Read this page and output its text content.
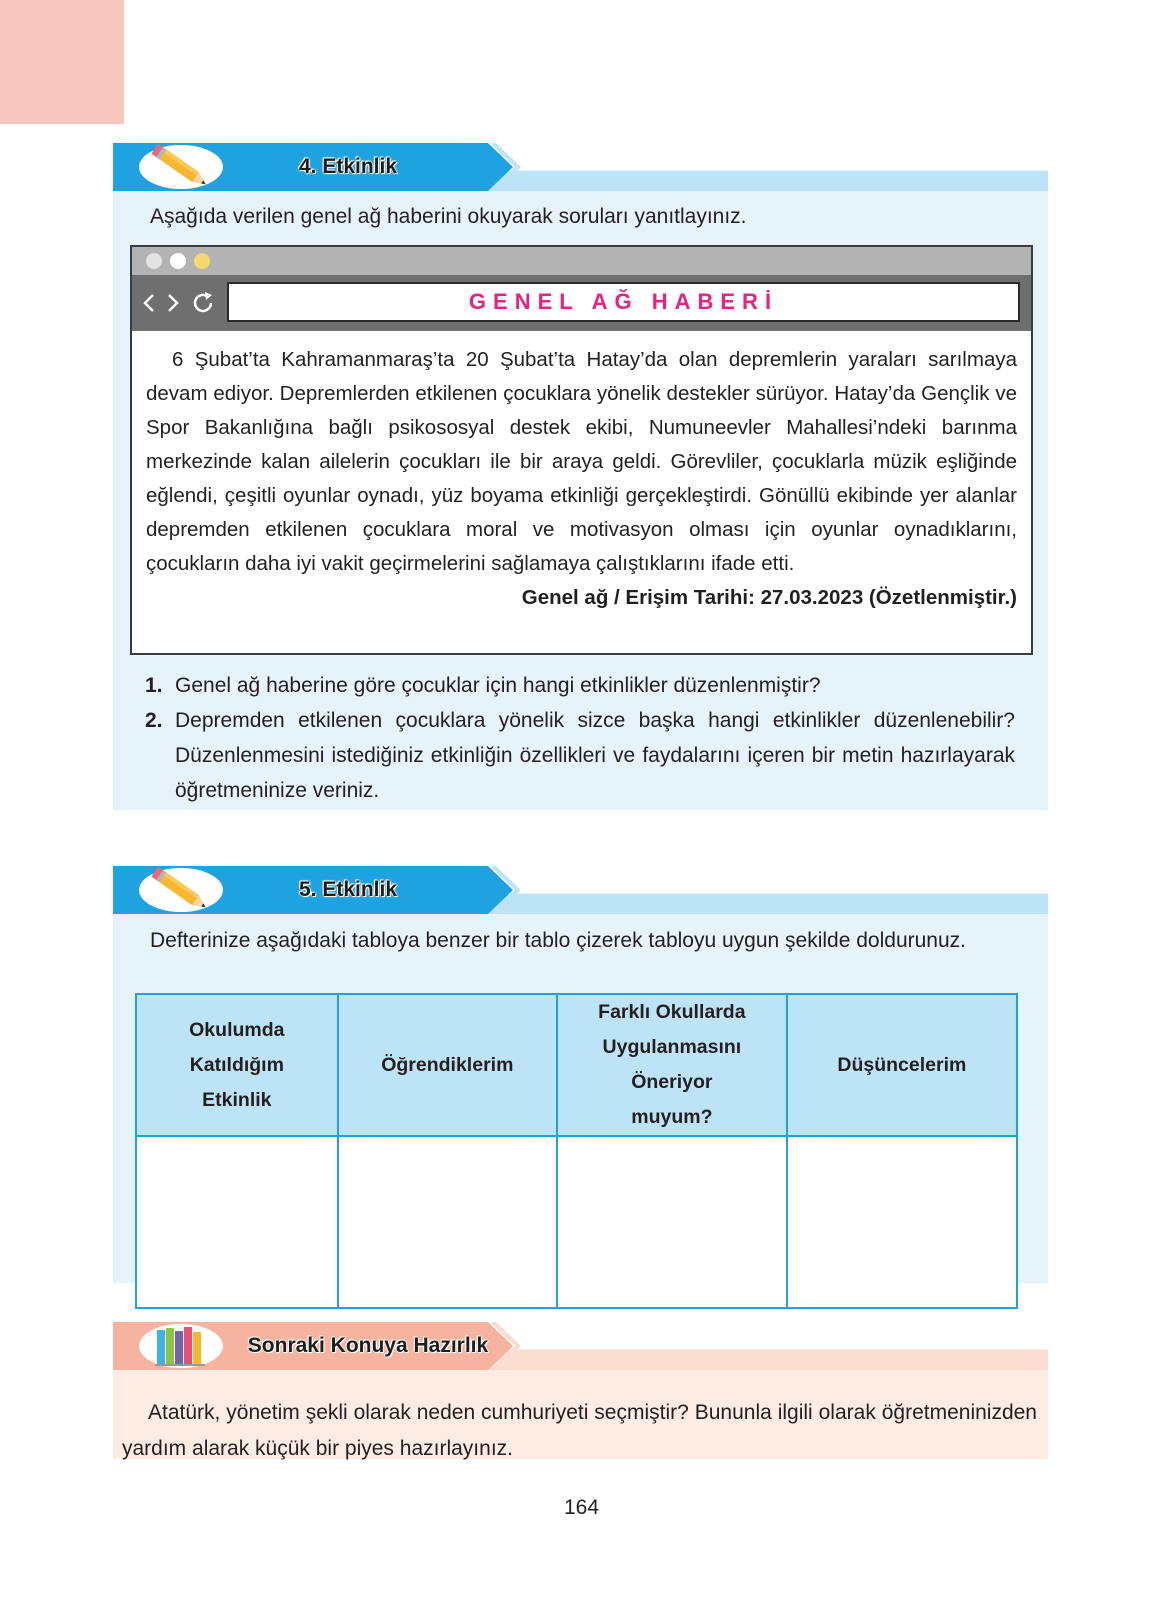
4. Etkinlik
Aşağıda verilen genel ağ haberini okuyarak soruları yanıtlayınız.
GENEL AĞ HABERİ

6 Şubat’ta Kahramanmaraş’ta 20 Şubat’ta Hatay’da olan depremlerin yaraları sarılmaya devam ediyor. Depremlerden etkilenen çocuklara yönelik destekler sürüyor. Hatay’da Gençlik ve Spor Bakanlığına bağlı psikososyal destek ekibi, Numuneevler Mahallesi’ndeki barınma merkezinde kalan ailelerin çocukları ile bir araya geldi. Görevliler, çocuklarla müzik eşliğinde eğlendi, çeşitli oyunlar oynadı, yüz boyama etkinliği gerçekleştirdi. Gönüllü ekibinde yer alanlar depremden etkilenen çocuklara moral ve motivasyon olması için oyunlar oynadıklarını, çocukların daha iyi vakit geçirmelerini sağlamaya çalıştıklarını ifade etti.

Genel ağ / Erişim Tarihi: 27.03.2023 (Özetlenmiştir.)
1. Genel ağ haberine göre çocuklar için hangi etkinlikler düzenlenmiştir?
2. Depremden etkilenen çocuklara yönelik sizce başka hangi etkinlikler düzenlenebilir? Düzenlenmesini istediğiniz etkinliğin özellikleri ve faydalarını içeren bir metin hazırlayarak öğretmeninize veriniz.
5. Etkinlik
Defterinize aşağıdaki tabloya benzer bir tablo çizerek tabloyu uygun şekilde doldurunuz.
Okulumda Katıldığım Etkinlik	Öğrendiklerim	Farklı Okullarda Uygulanmasını Öneriyor muyum?	Düşüncelerim

Sonraki Konuya Hazırlık
Atatürk, yönetim şekli olarak neden cumhuriyeti seçmiştir? Bununla ilgili olarak öğretmeninizden yardım alarak küçük bir piyes hazırlayınız.
164
